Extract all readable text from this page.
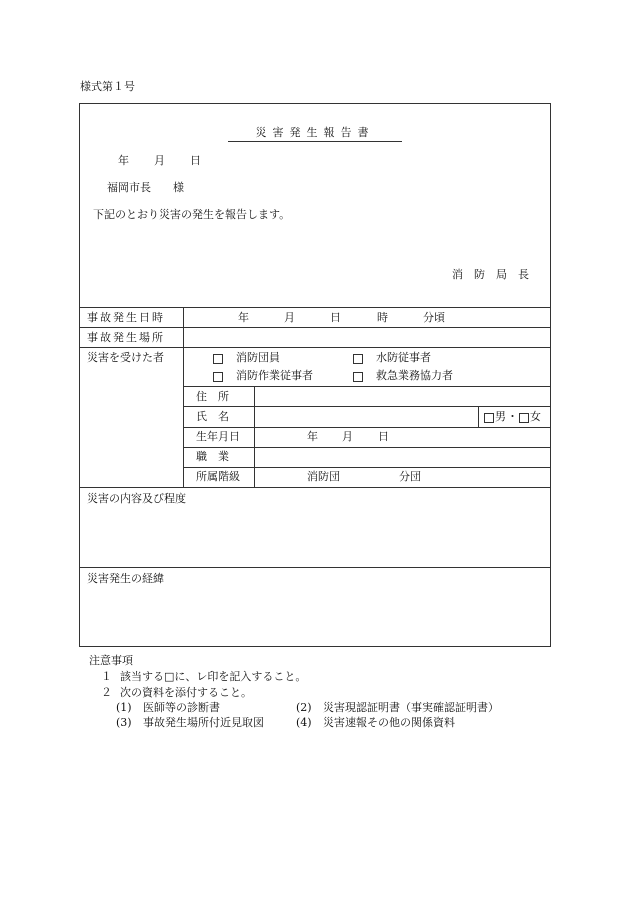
様式第１号
災害発生報告書
年 月 日
福岡市長　　様
下記のとおり災害の発生を報告します。
消　防　局　長
事故発生日時	年	月	日	時	分頃
事故発生場所
災害を受けた者	消防団員	水防従事者
消防作業従事者	救急業務協力者
住　所
氏　名	男 ・ 女
生年月日	年 月 日
職　業
所属階級	消防団	分団
災害の内容及び程度
災害発生の経緯
注意事項
１ 該当する□に、レ印を記入すること。
２ 次の資料を添付すること。
(1) 医師等の診断書	(2) 災害現認証明書（事実確認証明書）
(3) 事故発生場所付近見取図	(4) 災害速報その他の関係資料
